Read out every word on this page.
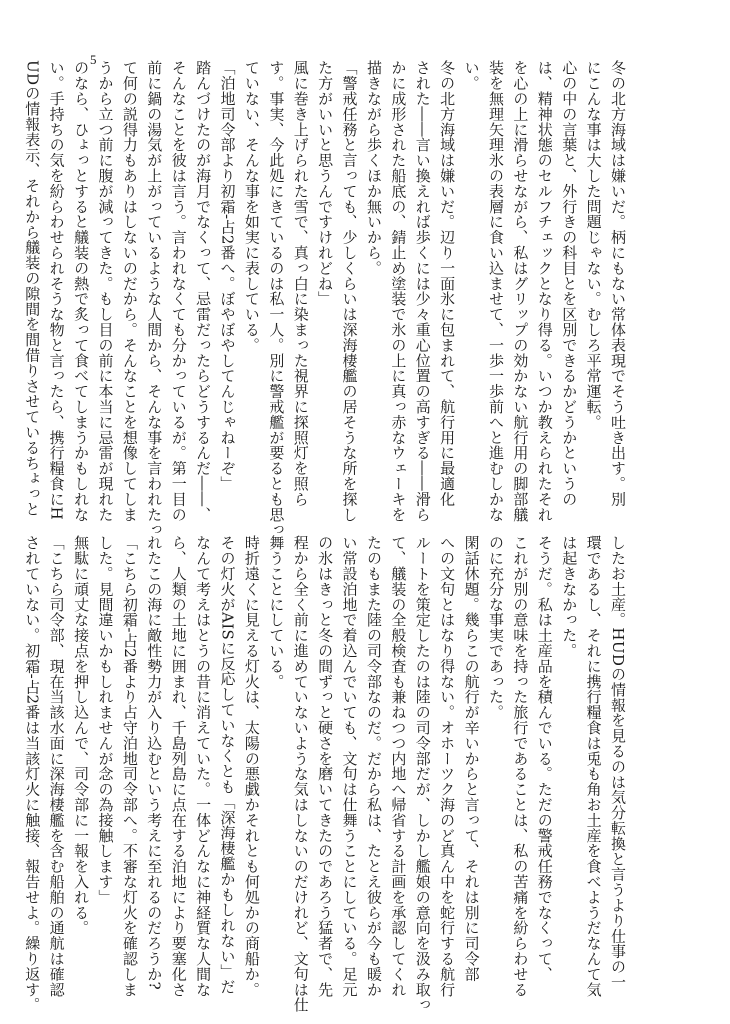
5
冬の北方海域は嫌いだ。柄にもない常体表現でそう吐き出す。別
にこんな事は大した問題じゃない。むしろ平常運転。
心の中の言葉と、外行きの科目とを区別できるかどうかというの
は、精神状態のセルフチェックとなり得る。いつか教えられたそれ
を心の上に滑らせながら、私はグリップの効かない航行用の脚部艤
装を無理矢理氷の表層に食い込ませて、一歩一歩前へと進むしかな
い。
冬の北方海域は嫌いだ。辺り一面氷に包まれて、航行用に最適化
された――言い換えれば歩くには少々重心位置の高すぎる――滑ら
かに成形された船底の、錆止め塗装で氷の上に真っ赤なウェーキを
描きながら歩くほか無いから。
「警戒任務と言っても、少しくらいは深海棲艦の居そうな所を探し
た方がいいと思うんですけれどね」
風に巻き上げられた雪で、真っ白に染まった視界に探照灯を照ら
す。事実、今此処にきているのは私一人。別に警戒艦が要るとも思っ
ていない、そんな事を如実に表している。
「泊地司令部より初霜-占2番へ。ぼやぼやしてんじゃねーぞ」
踏んづけたのが海月でなくって、忌雷だったらどうするんだ――、
そんなことを彼は言う。言われなくても分かっているが。第一目の
前に鍋の湯気が上がっているような人間から、そんな事を言われたっ
て何の説得力もありはしないのだから。そんなことを想像してしま
うから立つ前に腹が減ってきた。もし目の前に本当に忌雷が現れた
のなら、ひょっとすると艤装の熱で炙って食べてしまうかもしれな
い。手持ちの気を紛らわせられそうな物と言ったら、携行糧食にH
UDの情報表示、それから艤装の隙間を間借りさせているちょっと
したお土産。HUDの情報を見るのは気分転換と言うより仕事の一
環であるし、それに携行糧食は兎も角お土産を食べようだなんて気
は起きなかった。
そうだ。私は土産品を積んでいる。ただの警戒任務でなくって、
これが別の意味を持った旅行であることは、私の苦痛を紛らわせる
のに充分な事実であった。
閑話休題。幾らこの航行が辛いからと言って、それは別に司令部
への文句とはなり得ない。オホーツク海のど真ん中を蛇行する航行
ルートを策定したのは陸の司令部だが、しかし艦娘の意向を汲み取っ
て、艤装の全般検査も兼ねつつ内地へ帰省する計画を承認してくれ
たのもまた陸の司令部なのだ。だから私は、たとえ彼らが今も暖か
い常設泊地で着込んでいても、文句は仕舞うことにしている。足元
の氷はきっと冬の間ずっと硬さを磨いてきたのであろう猛者で、先
程から全く前に進めていないような気はしないのだけれど、文句は仕
舞うことにしている。
時折遠くに見える灯火は、太陽の悪戯かそれとも何処かの商船か。
その灯火がAISに反応していなくとも「深海棲艦かもしれない」だ
なんて考えはとうの昔に消えていた。一体どんなに神経質な人間な
ら、人類の土地に囲まれ、千島列島に点在する泊地により要塞化さ
れたこの海に敵性勢力が入り込むという考えに至れるのだろうか?
「こちら初霜-占2番より占守泊地司令部へ。不審な灯火を確認しま
した。見間違いかもしれませんが念の為接触します」
無駄に頑丈な接点を押し込んで、司令部に一報を入れる。
「こちら司令部、現在当該水面に深海棲艦を含む船舶の通航は確認
されていない。初霜-占2番は当該灯火に触接、報告せよ。繰り返す。
